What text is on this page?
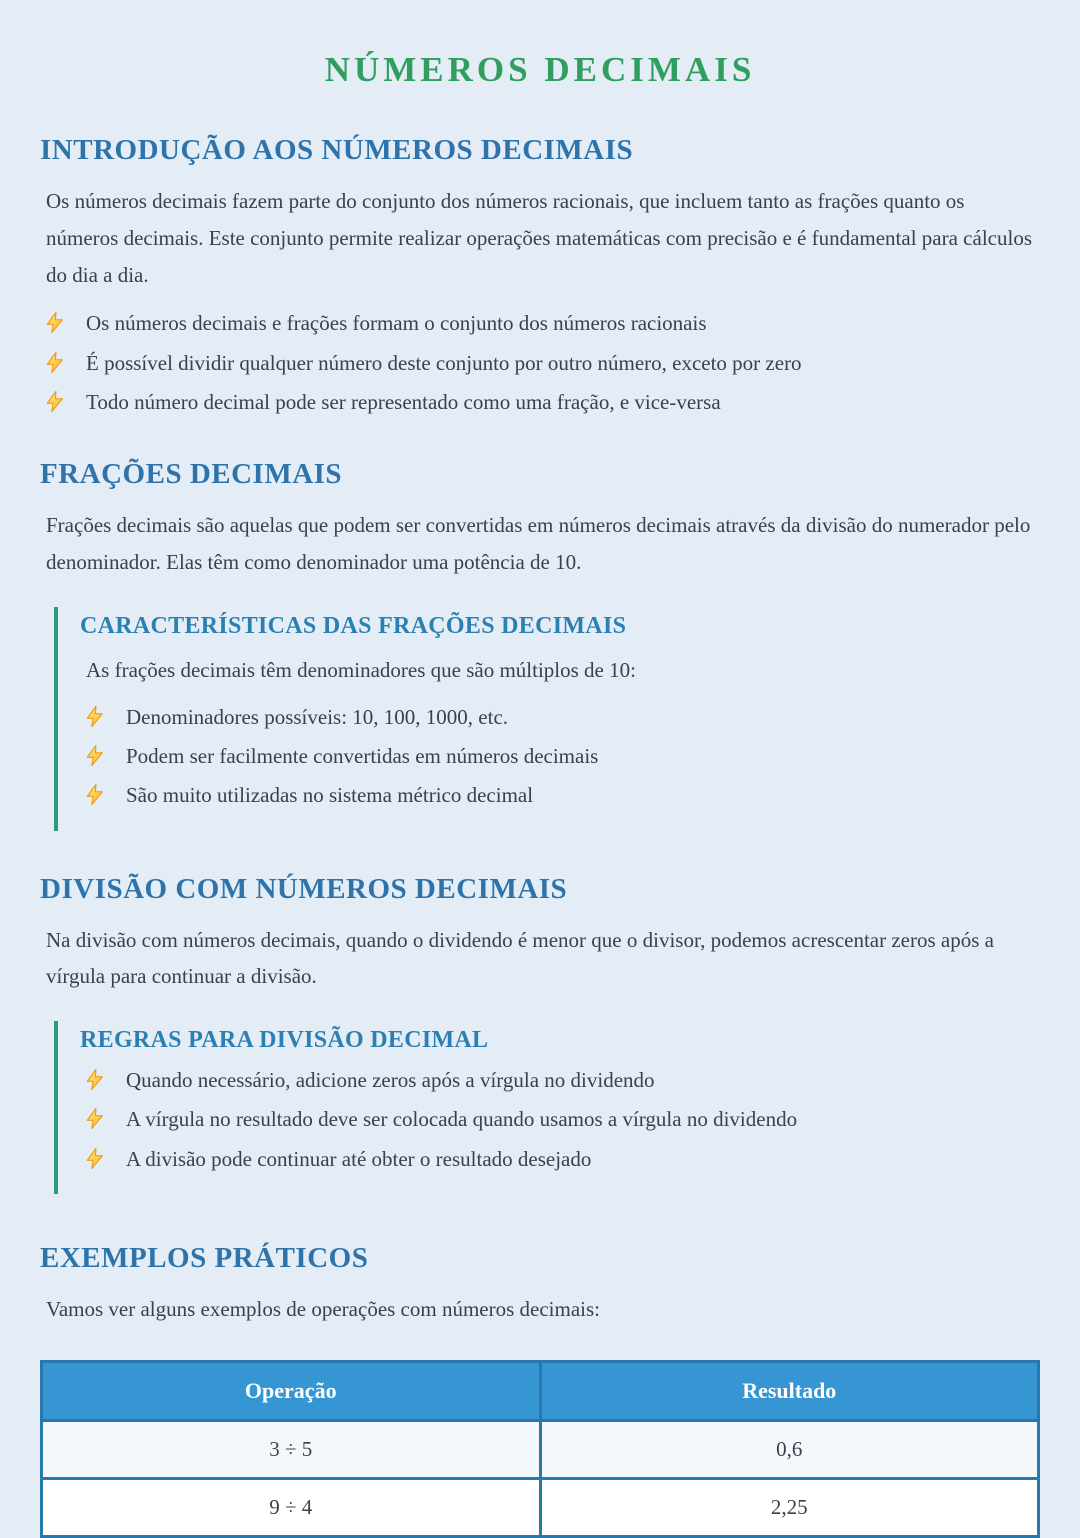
NÚMEROS DECIMAIS
INTRODUÇÃO AOS NÚMEROS DECIMAIS

Os números decimais fazem parte do conjunto dos números racionais, que incluem tanto as frações quanto os números decimais. Este conjunto permite realizar operações matemáticas com precisão e é fundamental para cálculos do dia a dia.

Os números decimais e frações formam o conjunto dos números racionais
É possível dividir qualquer número deste conjunto por outro número, exceto por zero
Todo número decimal pode ser representado como uma fração, e vice-versa
FRAÇÕES DECIMAIS

Frações decimais são aquelas que podem ser convertidas em números decimais através da divisão do numerador pelo denominador. Elas têm como denominador uma potência de 10.

CARACTERÍSTICAS DAS FRAÇÕES DECIMAIS

As frações decimais têm denominadores que são múltiplos de 10:

Denominadores possíveis: 10, 100, 1000, etc.
Podem ser facilmente convertidas em números decimais
São muito utilizadas no sistema métrico decimal
DIVISÃO COM NÚMEROS DECIMAIS

Na divisão com números decimais, quando o dividendo é menor que o divisor, podemos acrescentar zeros após a vírgula para continuar a divisão.

REGRAS PARA DIVISÃO DECIMAL
Quando necessário, adicione zeros após a vírgula no dividendo
A vírgula no resultado deve ser colocada quando usamos a vírgula no dividendo
A divisão pode continuar até obter o resultado desejado
EXEMPLOS PRÁTICOS

Vamos ver alguns exemplos de operações com números decimais:

Operação	Resultado
3 ÷ 5	0,6
9 ÷ 4	2,25
